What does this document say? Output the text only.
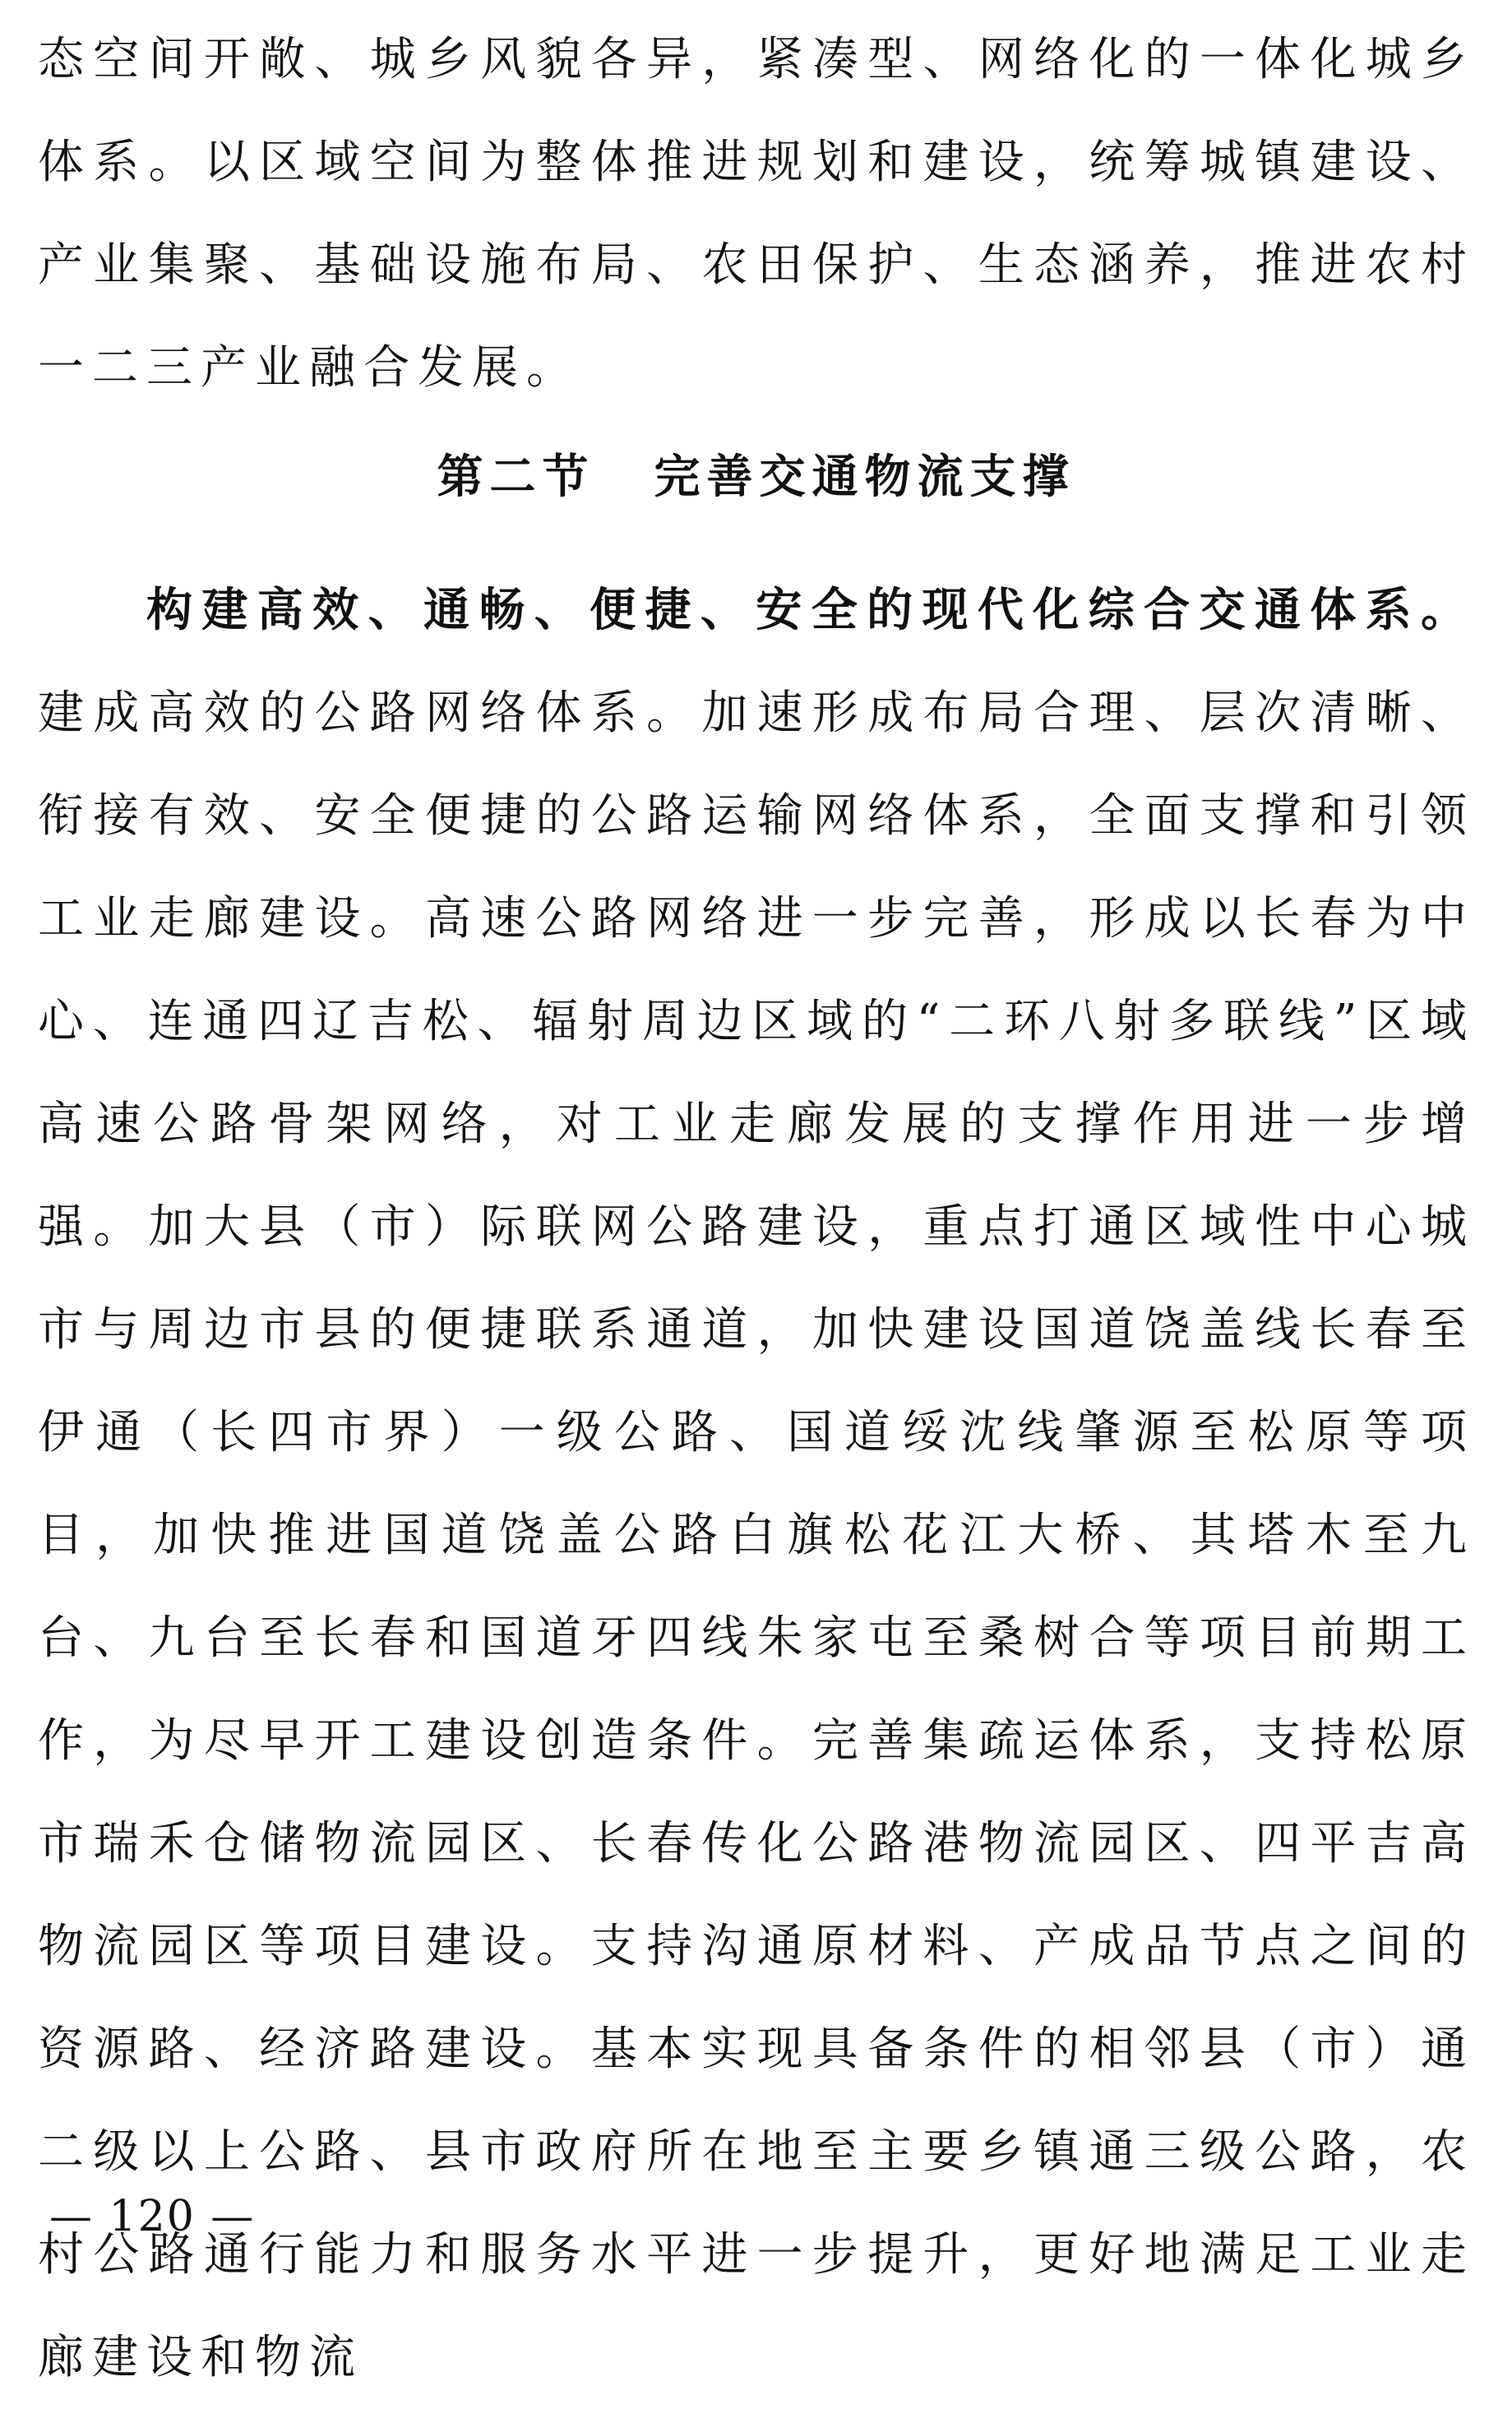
态空间开敞、城乡风貌各异，紧凑型、网络化的一体化城乡体系。以区域空间为整体推进规划和建设，统筹城镇建设、产业集聚、基础设施布局、农田保护、生态涵养，推进农村一二三产业融合发展。

第二节 完善交通物流支撑

构建高效、通畅、便捷、安全的现代化综合交通体系。建成高效的公路网络体系。加速形成布局合理、层次清晰、衔接有效、安全便捷的公路运输网络体系，全面支撑和引领工业走廊建设。高速公路网络进一步完善，形成以长春为中心、连通四辽吉松、辐射周边区域的“二环八射多联线”区域高速公路骨架网络，对工业走廊发展的支撑作用进一步增强。加大县（市）际联网公路建设，重点打通区域性中心城市与周边市县的便捷联系通道，加快建设国道饶盖线长春至伊通（长四市界）一级公路、国道绥沈线肇源至松原等项目，加快推进国道饶盖公路白旗松花江大桥、其塔木至九台、九台至长春和国道牙四线朱家屯至桑树合等项目前期工作，为尽早开工建设创造条件。完善集疏运体系，支持松原市瑞禾仓储物流园区、长春传化公路港物流园区、四平吉高物流园区等项目建设。支持沟通原材料、产成品节点之间的资源路、经济路建设。基本实现具备条件的相邻县（市）通二级以上公路、县市政府所在地至主要乡镇通三级公路，农村公路通行能力和服务水平进一步提升，更好地满足工业走廊建设和物流

— 120 —
